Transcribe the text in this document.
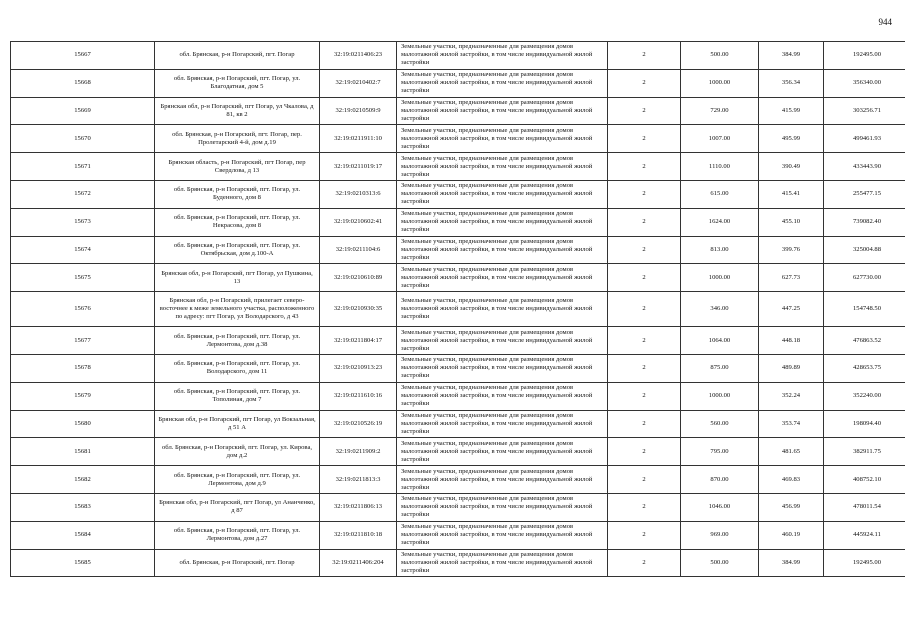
944
15667	обл. Брянская, р-н Погарский, пгт. Погар	32:19:0211406:23	Земельные участки, предназначенные для размещения домов малоэтажной жилой застройки, в том числе индивидуальной жилой застройки	2	500.00	384.99	192495.00
15668	обл. Брянская, р-н Погарский, пгт. Погар, ул. Благодатная, дом 5	32:19:0210402:7	Земельные участки, предназначенные для размещения домов малоэтажной жилой застройки, в том числе индивидуальной жилой застройки	2	1000.00	356.34	356340.00
15669	Брянская обл, р-н Погарский, пгт Погар, ул Чкалова, д 81, кв 2	32:19:0210509:9	Земельные участки, предназначенные для размещения домов малоэтажной жилой застройки, в том числе индивидуальной жилой застройки	2	729.00	415.99	303256.71
15670	обл. Брянская, р-н Погарский, пгт. Погар, пер. Пролетарский 4-й, дом д.19	32:19:0211911:10	Земельные участки, предназначенные для размещения домов малоэтажной жилой застройки, в том числе индивидуальной жилой застройки	2	1007.00	495.99	499461.93
15671	Брянская область, р-н Погарский, пгт Погар, пер Свердлова, д 13	32:19:0211019:17	Земельные участки, предназначенные для размещения домов малоэтажной жилой застройки, в том числе индивидуальной жилой застройки	2	1110.00	390.49	433443.90
15672	обл. Брянская, р-н Погарский, пгт. Погар, ул. Буденного, дом 8	32:19:0210313:6	Земельные участки, предназначенные для размещения домов малоэтажной жилой застройки, в том числе индивидуальной жилой застройки	2	615.00	415.41	255477.15
15673	обл. Брянская, р-н Погарский, пгт. Погар, ул. Некрасова, дом 8	32:19:0210602:41	Земельные участки, предназначенные для размещения домов малоэтажной жилой застройки, в том числе индивидуальной жилой застройки	2	1624.00	455.10	739082.40
15674	обл. Брянская, р-н Погарский, пгт. Погар, ул. Октябрьская, дом д.100-А	32:19:0211104:6	Земельные участки, предназначенные для размещения домов малоэтажной жилой застройки, в том числе индивидуальной жилой застройки	2	813.00	399.76	325004.88
15675	Брянская обл, р-н Погарский, пгт Погар, ул Пушкина, 13	32:19:0210610:89	Земельные участки, предназначенные для размещения домов малоэтажной жилой застройки, в том числе индивидуальной жилой застройки	2	1000.00	627.73	627730.00
15676	Брянская обл, р-н Погарский, прилегает северо-восточнее к меже земельного участка, расположенного по адресу: пгт Погар, ул Володарского, д 43	32:19:0210930:35	Земельные участки, предназначенные для размещения домов малоэтажной жилой застройки, в том числе индивидуальной жилой застройки	2	346.00	447.25	154748.50
15677	обл. Брянская, р-н Погарский, пгт. Погар, ул. Лермонтова, дом д.38	32:19:0211804:17	Земельные участки, предназначенные для размещения домов малоэтажной жилой застройки, в том числе индивидуальной жилой застройки	2	1064.00	448.18	476863.52
15678	обл. Брянская, р-н Погарский, пгт. Погар, ул. Володарского, дом 11	32:19:0210913:23	Земельные участки, предназначенные для размещения домов малоэтажной жилой застройки, в том числе индивидуальной жилой застройки	2	875.00	489.89	428653.75
15679	обл. Брянская, р-н Погарский, пгт. Погар, ул. Тополиная, дом 7	32:19:0211610:16	Земельные участки, предназначенные для размещения домов малоэтажной жилой застройки, в том числе индивидуальной жилой застройки	2	1000.00	352.24	352240.00
15680	Брянская обл, р-н Погарский, пгт Погар, ул Вокзальная, д 51 А	32:19:0210526:19	Земельные участки, предназначенные для размещения домов малоэтажной жилой застройки, в том числе индивидуальной жилой застройки	2	560.00	353.74	198094.40
15681	обл. Брянская, р-н Погарский, пгт. Погар, ул. Кирова, дом д.2	32:19:0211909:2	Земельные участки, предназначенные для размещения домов малоэтажной жилой застройки, в том числе индивидуальной жилой застройки	2	795.00	481.65	382911.75
15682	обл. Брянская, р-н Погарский, пгт. Погар, ул. Лермонтова, дом д.9	32:19:0211813:3	Земельные участки, предназначенные для размещения домов малоэтажной жилой застройки, в том числе индивидуальной жилой застройки	2	870.00	469.83	408752.10
15683	Брянская обл, р-н Погарский, пгт Погар, ул Ананченко, д 87	32:19:0211806:13	Земельные участки, предназначенные для размещения домов малоэтажной жилой застройки, в том числе индивидуальной жилой застройки	2	1046.00	456.99	478011.54
15684	обл. Брянская, р-н Погарский, пгт. Погар, ул. Лермонтова, дом д.27	32:19:0211810:18	Земельные участки, предназначенные для размещения домов малоэтажной жилой застройки, в том числе индивидуальной жилой застройки	2	969.00	460.19	445924.11
15685	обл. Брянская, р-н Погарский, пгт. Погар	32:19:0211406:204	Земельные участки, предназначенные для размещения домов малоэтажной жилой застройки, в том числе индивидуальной жилой застройки	2	500.00	384.99	192495.00
